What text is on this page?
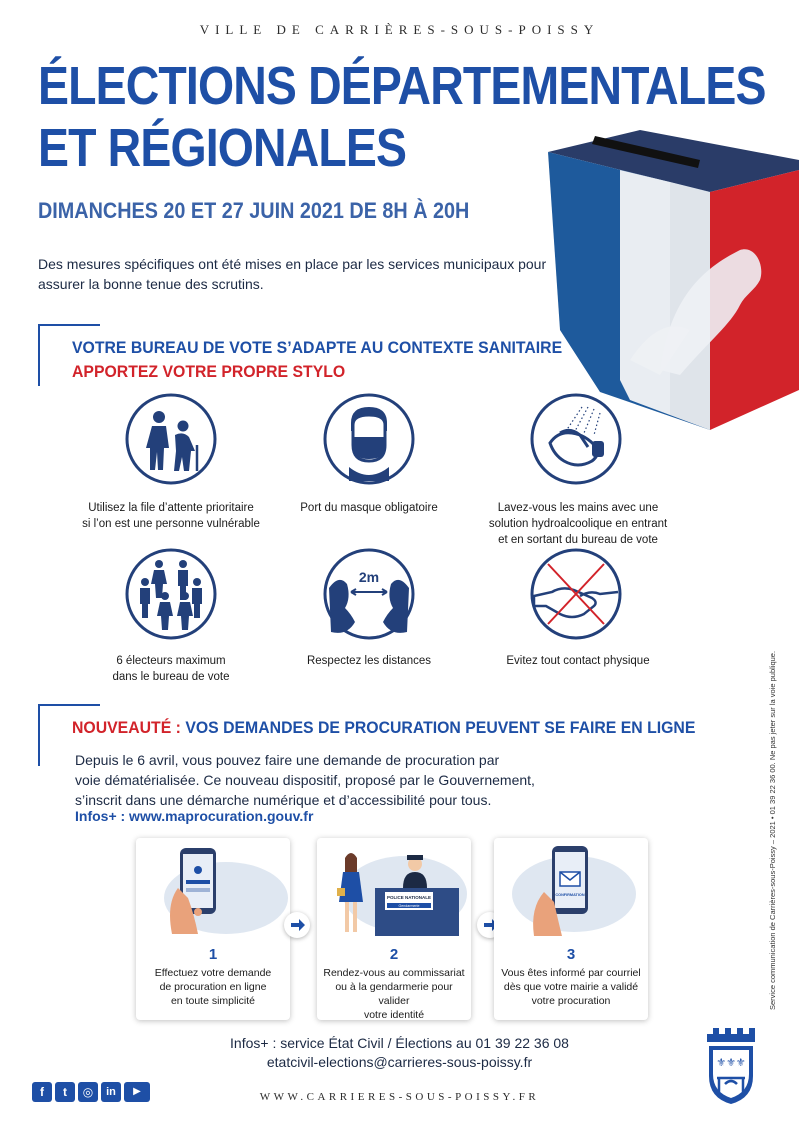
VILLE DE CARRIÈRES-SOUS-POISSY
ÉLECTIONS DÉPARTEMENTALES
ET RÉGIONALES
DIMANCHES 20 ET 27 JUIN 2021 DE 8H À 20H
Des mesures spécifiques ont été mises en place par les services municipaux pour assurer la bonne tenue des scrutins.
VOTRE BUREAU DE VOTE S’ADAPTE AU CONTEXTE SANITAIRE
APPORTEZ VOTRE PROPRE STYLO
Utilisez la file d’attente prioritaire
si l’on est une personne vulnérable
Port du masque obligatoire	Lavez-vous les mains avec une
solution hydroalcoolique en entrant
et en sortant du bureau de vote
6 électeurs maximum
dans le bureau de vote
2m
Respectez les distances	Evitez tout contact physique
NOUVEAUTÉ : VOS DEMANDES DE PROCURATION PEUVENT SE FAIRE EN LIGNE
Depuis le 6 avril, vous pouvez faire une demande de procuration par
voie dématérialisée. Ce nouveau dispositif, proposé par le Gouvernement,
s’inscrit dans une démarche numérique et d’accessibilité pour tous.
Infos+ : www.maprocuration.gouv.fr
1
Effectuez votre demande
de procuration en ligne
en toute simplicité
POLICE NATIONALE
Gendarmerie
2
Rendez-vous au commissariat
ou à la gendarmerie pour valider
votre identité
CONFIRMATION
3
Vous êtes informé par courriel
dès que votre mairie a validé
votre procuration
Infos+ : service État Civil / Élections au 01 39 22 36 08
etatcivil-elections@carrieres-sous-poissy.fr
WWW.CARRIERES-SOUS-POISSY.FR
f	t	◎	in	▶
⚜⚜⚜
Service communication de Carrières-sous-Poissy – 2021 • 01 39 22 36 00. Ne pas jeter sur la voie publique.
